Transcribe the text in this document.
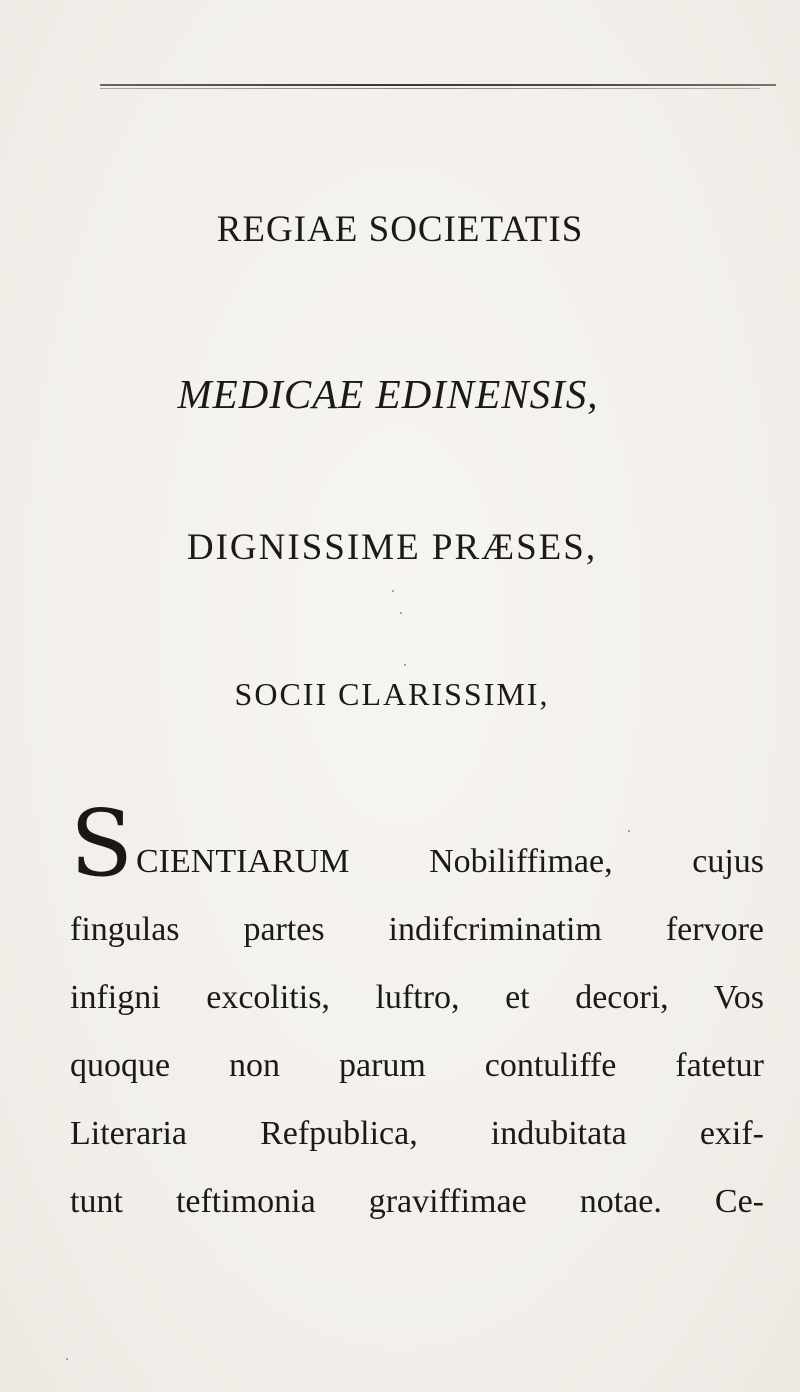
REGIAE SOCIETATIS
MEDICAE EDINENSIS,
DIGNISSIME PRÆSES,
SOCII CLARISSIMI,
S CIENTIARUM Nobiliffimae, cujus
fingulas partes indifcriminatim fervore
infigni excolitis, luftro, et decori, Vos
quoque non parum contuliffe fatetur
Literaria Refpublica, indubitata exif-
tunt teftimonia graviffimae notae. Ce-
